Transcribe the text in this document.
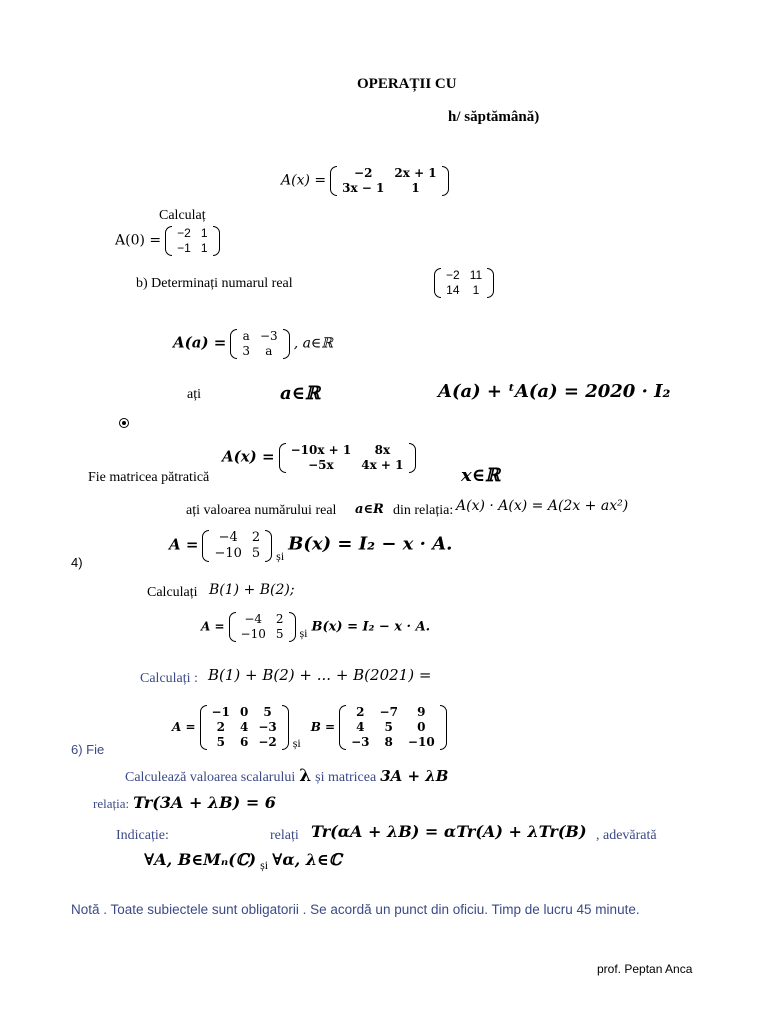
OPERAȚII CU
h/ săptămână)
A(x) = −2	2x + 1
3x − 1	1
Calculaț
A(0) = −2	1
−1	1
b) Determinați numarul real
−2	11
14	1
A(a) = a	−3
3	a , a∈ℝ
ați	a∈ℝ	A(a) + ᵗA(a) = 2020 · I₂
A(x) = −10x + 1	8x
−5x	4x + 1
Fie matricea pătratică	x∈ℝ
ați valoarea numărului real a∈R din relația: A(x) · A(x) = A(2x + ax²)
4)
A = −4	2
−10	5 $_{și}$ B(x) = I₂ − x · A.
Calculați B(1) + B(2);
A =
−4	2
−10	5 $_{și}$ B(x) = I₂ − x · A.
Calculați : B(1) + B(2) + ... + B(2021) =
6) Fie
A =
−1	0	5
2	4	−3
5	6	−2 $_{și}$ B =
2	−7	9
4	5	0
−3	8	−10
Calculează valoarea scalarului λ și matricea 3A + λB
relația: Tr(3A + λB) = 6
Indicație:	relați Tr(αA + λB) = αTr(A) + λTr(B) , adevărată
∀A, B∈Mₙ(ℂ) $_{și}$ ∀α, λ∈ℂ
Notă . Toate subiectele sunt obligatorii . Se acordă un punct din oficiu. Timp de lucru 45 minute.
prof. Peptan Anca
